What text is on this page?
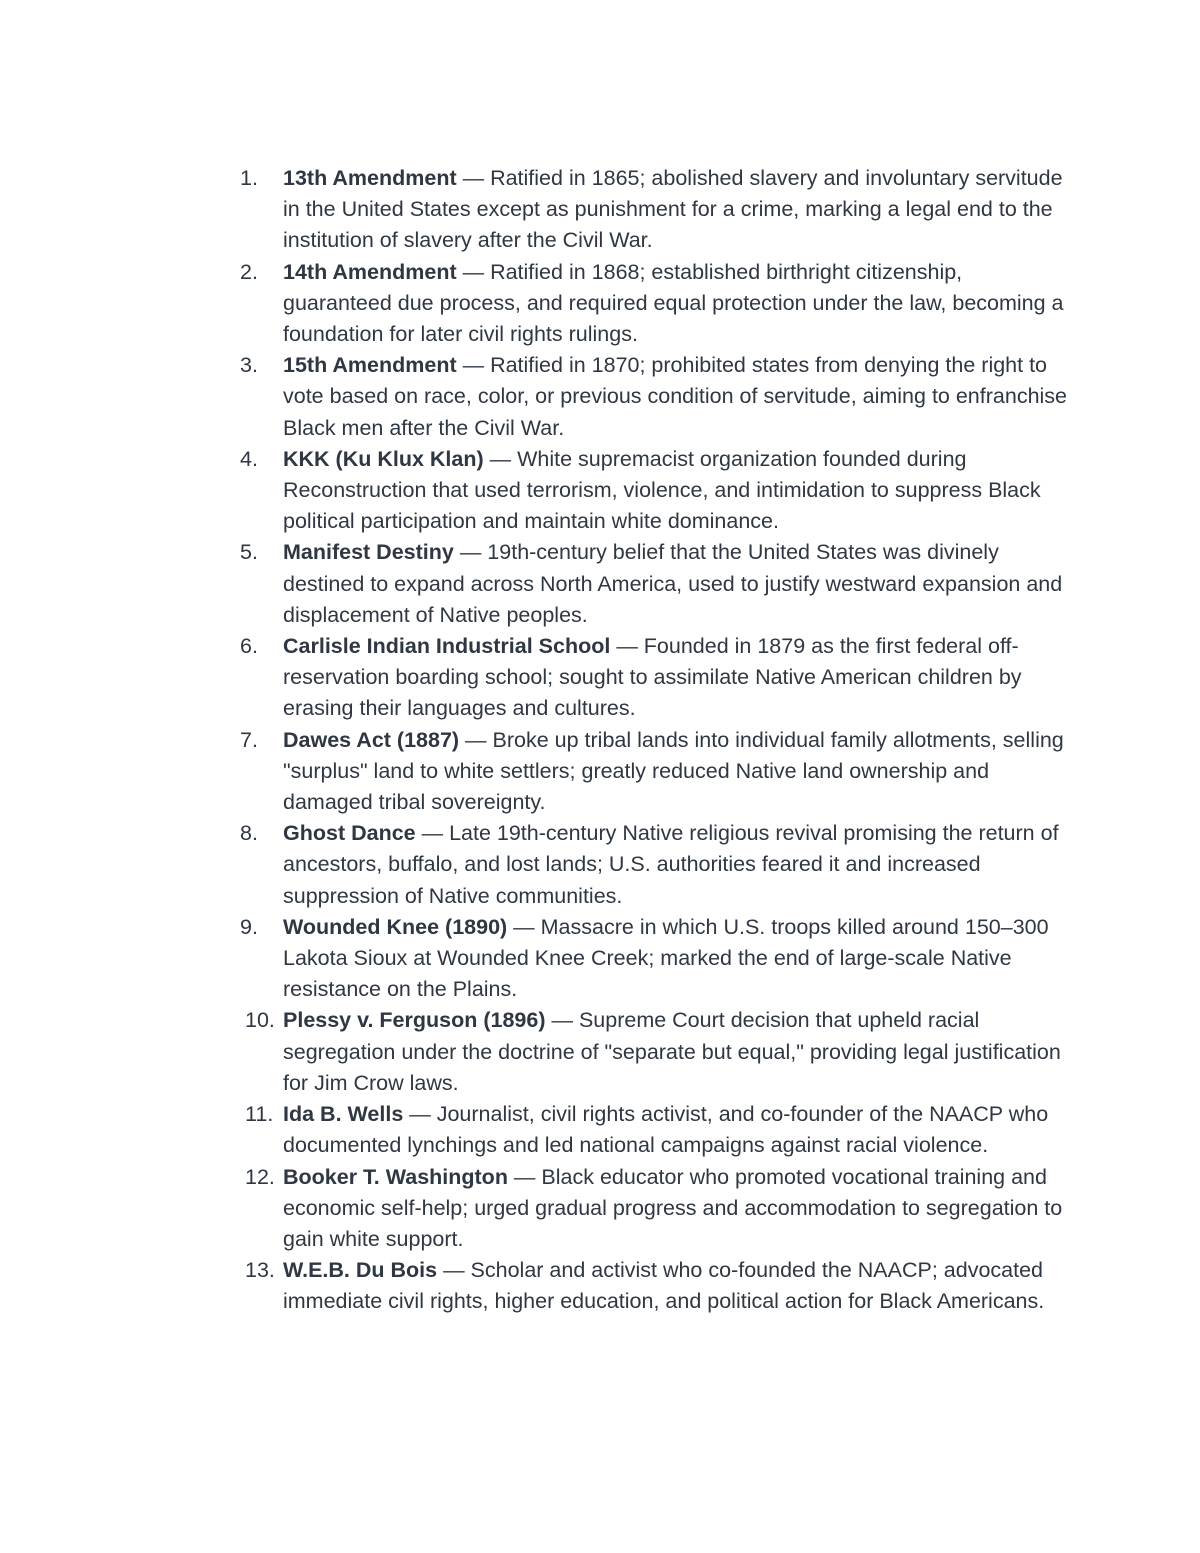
1.	13th Amendment — Ratified in 1865; abolished slavery and involuntary servitude in the United States except as punishment for a crime, marking a legal end to the institution of slavery after the Civil War.
2.	14th Amendment — Ratified in 1868; established birthright citizenship, guaranteed due process, and required equal protection under the law, becoming a foundation for later civil rights rulings.
3.	15th Amendment — Ratified in 1870; prohibited states from denying the right to vote based on race, color, or previous condition of servitude, aiming to enfranchise Black men after the Civil War.
4.	KKK (Ku Klux Klan) — White supremacist organization founded during Reconstruction that used terrorism, violence, and intimidation to suppress Black political participation and maintain white dominance.
5.	Manifest Destiny — 19th-century belief that the United States was divinely destined to expand across North America, used to justify westward expansion and displacement of Native peoples.
6.	Carlisle Indian Industrial School — Founded in 1879 as the first federal off-reservation boarding school; sought to assimilate Native American children by erasing their languages and cultures.
7.	Dawes Act (1887) — Broke up tribal lands into individual family allotments, selling "surplus" land to white settlers; greatly reduced Native land ownership and damaged tribal sovereignty.
8.	Ghost Dance — Late 19th-century Native religious revival promising the return of ancestors, buffalo, and lost lands; U.S. authorities feared it and increased suppression of Native communities.
9.	Wounded Knee (1890) — Massacre in which U.S. troops killed around 150–300 Lakota Sioux at Wounded Knee Creek; marked the end of large-scale Native resistance on the Plains.
10. Plessy v. Ferguson (1896) — Supreme Court decision that upheld racial segregation under the doctrine of "separate but equal," providing legal justification for Jim Crow laws.
11. Ida B. Wells — Journalist, civil rights activist, and co-founder of the NAACP who documented lynchings and led national campaigns against racial violence.
12. Booker T. Washington — Black educator who promoted vocational training and economic self-help; urged gradual progress and accommodation to segregation to gain white support.
13. W.E.B. Du Bois — Scholar and activist who co-founded the NAACP; advocated immediate civil rights, higher education, and political action for Black Americans.
